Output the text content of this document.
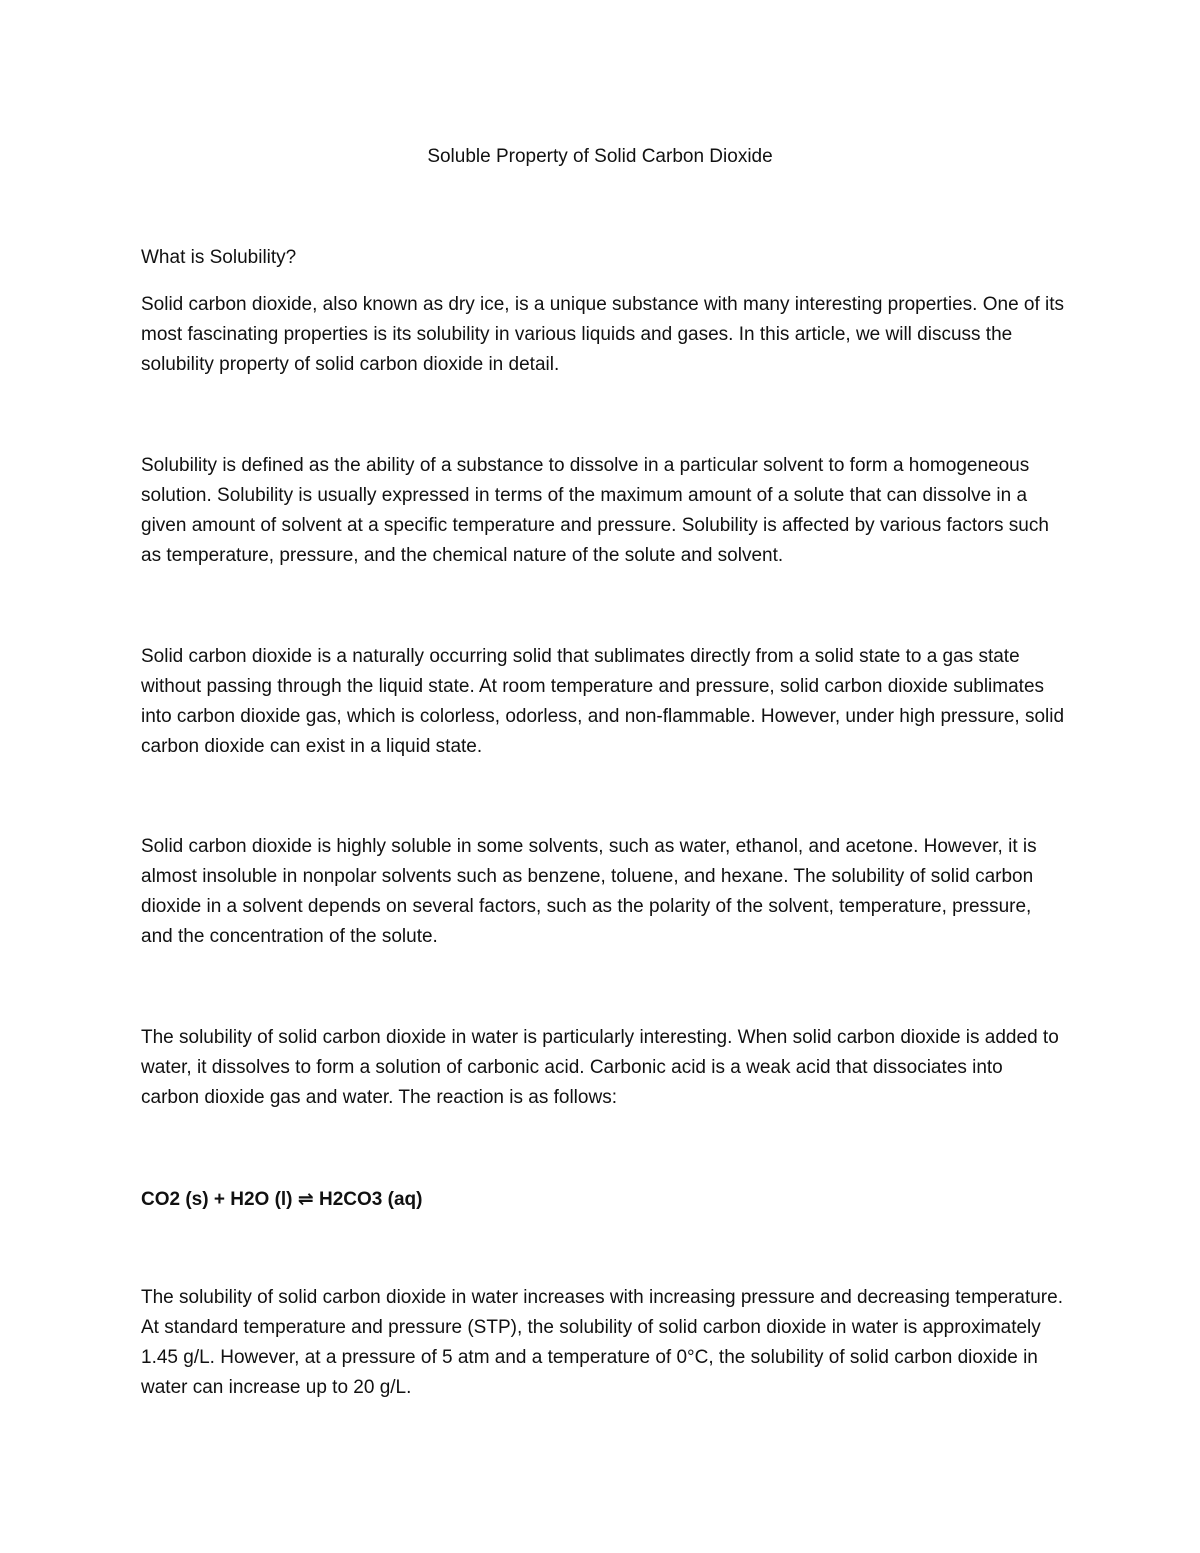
Soluble Property of Solid Carbon Dioxide
What is Solubility?

Solid carbon dioxide, also known as dry ice, is a unique substance with many interesting properties. One of its most fascinating properties is its solubility in various liquids and gases. In this article, we will discuss the solubility property of solid carbon dioxide in detail.

Solubility is defined as the ability of a substance to dissolve in a particular solvent to form a homogeneous solution. Solubility is usually expressed in terms of the maximum amount of a solute that can dissolve in a given amount of solvent at a specific temperature and pressure. Solubility is affected by various factors such as temperature, pressure, and the chemical nature of the solute and solvent.

Solid carbon dioxide is a naturally occurring solid that sublimates directly from a solid state to a gas state without passing through the liquid state. At room temperature and pressure, solid carbon dioxide sublimates into carbon dioxide gas, which is colorless, odorless, and non-flammable. However, under high pressure, solid carbon dioxide can exist in a liquid state.

Solid carbon dioxide is highly soluble in some solvents, such as water, ethanol, and acetone. However, it is almost insoluble in nonpolar solvents such as benzene, toluene, and hexane. The solubility of solid carbon dioxide in a solvent depends on several factors, such as the polarity of the solvent, temperature, pressure, and the concentration of the solute.

The solubility of solid carbon dioxide in water is particularly interesting. When solid carbon dioxide is added to water, it dissolves to form a solution of carbonic acid. Carbonic acid is a weak acid that dissociates into carbon dioxide gas and water. The reaction is as follows:

CO2 (s) + H2O (l) ⇌ H2CO3 (aq)

The solubility of solid carbon dioxide in water increases with increasing pressure and decreasing temperature. At standard temperature and pressure (STP), the solubility of solid carbon dioxide in water is approximately 1.45 g/L. However, at a pressure of 5 atm and a temperature of 0°C, the solubility of solid carbon dioxide in water can increase up to 20 g/L.
